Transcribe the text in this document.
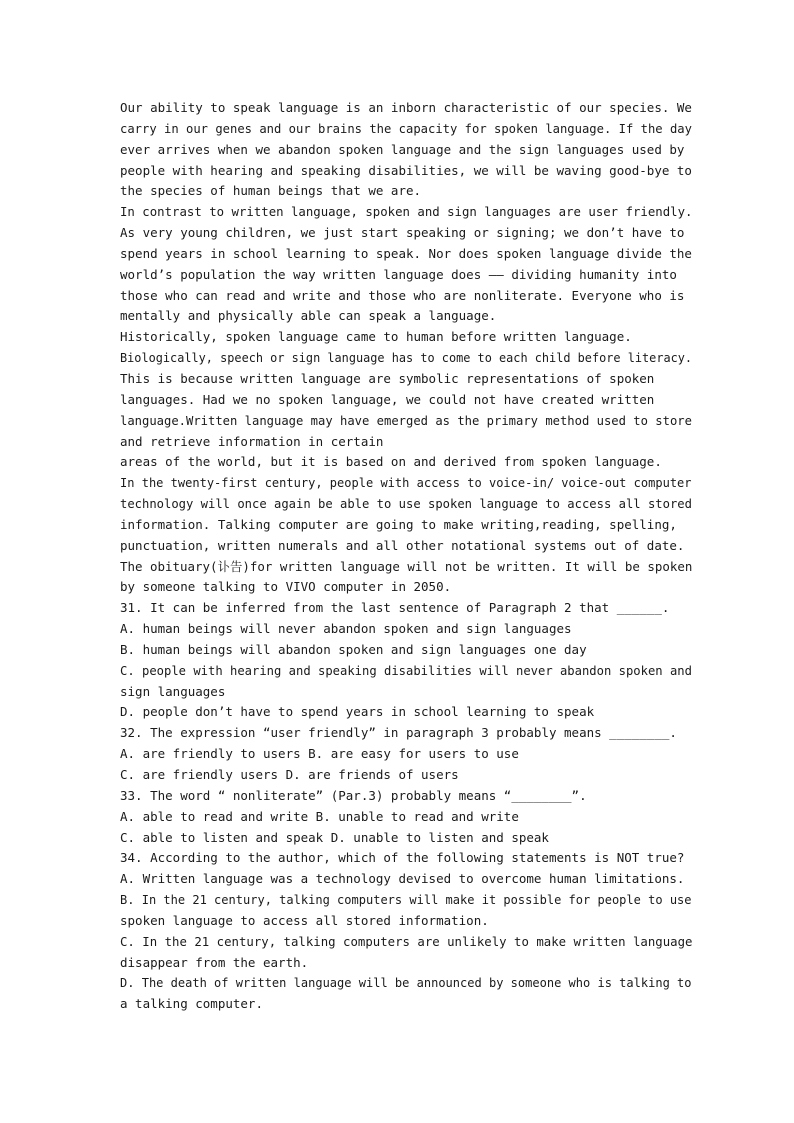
Our ability to speak language is an inborn characteristic of our species. We
carry in our genes and our brains the capacity for spoken language. If the day
ever arrives when we abandon spoken language and the sign languages used by
people with hearing and speaking disabilities, we will be waving good-bye to
the species of human beings that we are.
In contrast to written language, spoken and sign languages are user friendly.
As very young children, we just start speaking or signing; we don’t have to
spend years in school learning to speak. Nor does spoken language divide the
world’s population the way written language does —— dividing humanity into
those who can read and write and those who are nonliterate. Everyone who is
mentally and physically able can speak a language.
Historically, spoken language came to human before written language.
Biologically, speech or sign language has to come to each child before literacy.
This is because written language are symbolic representations of spoken
languages. Had we no spoken language, we could not have created written
language.Written language may have emerged as the primary method used to store
and retrieve information in certain
areas of the world, but it is based on and derived from spoken language.
In the twenty-first century, people with access to voice-in/ voice-out computer
technology will once again be able to use spoken language to access all stored
information. Talking computer are going to make writing,reading, spelling,
punctuation, written numerals and all other notational systems out of date.
The obituary(讣告)for written language will not be written. It will be spoken
by someone talking to VIVO computer in 2050.
31. It can be inferred from the last sentence of Paragraph 2 that ______.
A. human beings will never abandon spoken and sign languages
B. human beings will abandon spoken and sign languages one day
C. people with hearing and speaking disabilities will never abandon spoken and
sign languages
D. people don’t have to spend years in school learning to speak
32. The expression “user friendly” in paragraph 3 probably means ________.
A. are friendly to users B. are easy for users to use
C. are friendly users D. are friends of users
33. The word “ nonliterate” (Par.3) probably means “________”.
A. able to read and write B. unable to read and write
C. able to listen and speak D. unable to listen and speak
34. According to the author, which of the following statements is NOT true?
A. Written language was a technology devised to overcome human limitations.
B. In the 21 century, talking computers will make it possible for people to use
spoken language to access all stored information.
C. In the 21 century, talking computers are unlikely to make written language
disappear from the earth.
D. The death of written language will be announced by someone who is talking to
a talking computer.
